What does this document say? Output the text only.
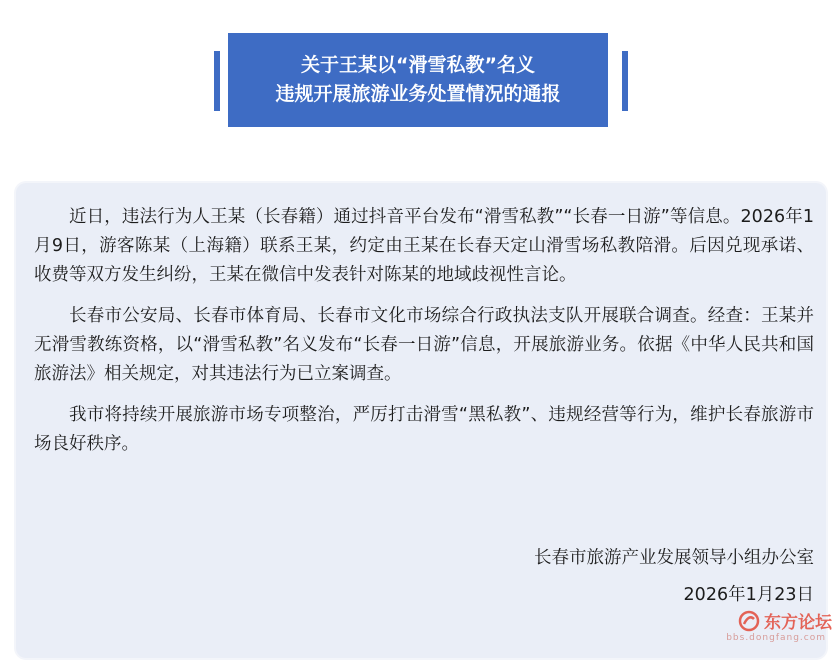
关于王某以“滑雪私教”名义
违规开展旅游业务处置情况的通报

近日，违法行为人王某（长春籍）通过抖音平台发布“滑雪私教”“长春一日游”等信息。2026年1月9日，游客陈某（上海籍）联系王某，约定由王某在长春天定山滑雪场私教陪滑。后因兑现承诺、收费等双方发生纠纷，王某在微信中发表针对陈某的地域歧视性言论。

长春市公安局、长春市体育局、长春市文化市场综合行政执法支队开展联合调查。经查：王某并无滑雪教练资格，以“滑雪私教”名义发布“长春一日游”信息，开展旅游业务。依据《中华人民共和国旅游法》相关规定，对其违法行为已立案调查。

我市将持续开展旅游市场专项整治，严厉打击滑雪“黑私教”、违规经营等行为，维护长春旅游市场良好秩序。

长春市旅游产业发展领导小组办公室
2026年1月23日
东方论坛
bbs.dongfang.com
